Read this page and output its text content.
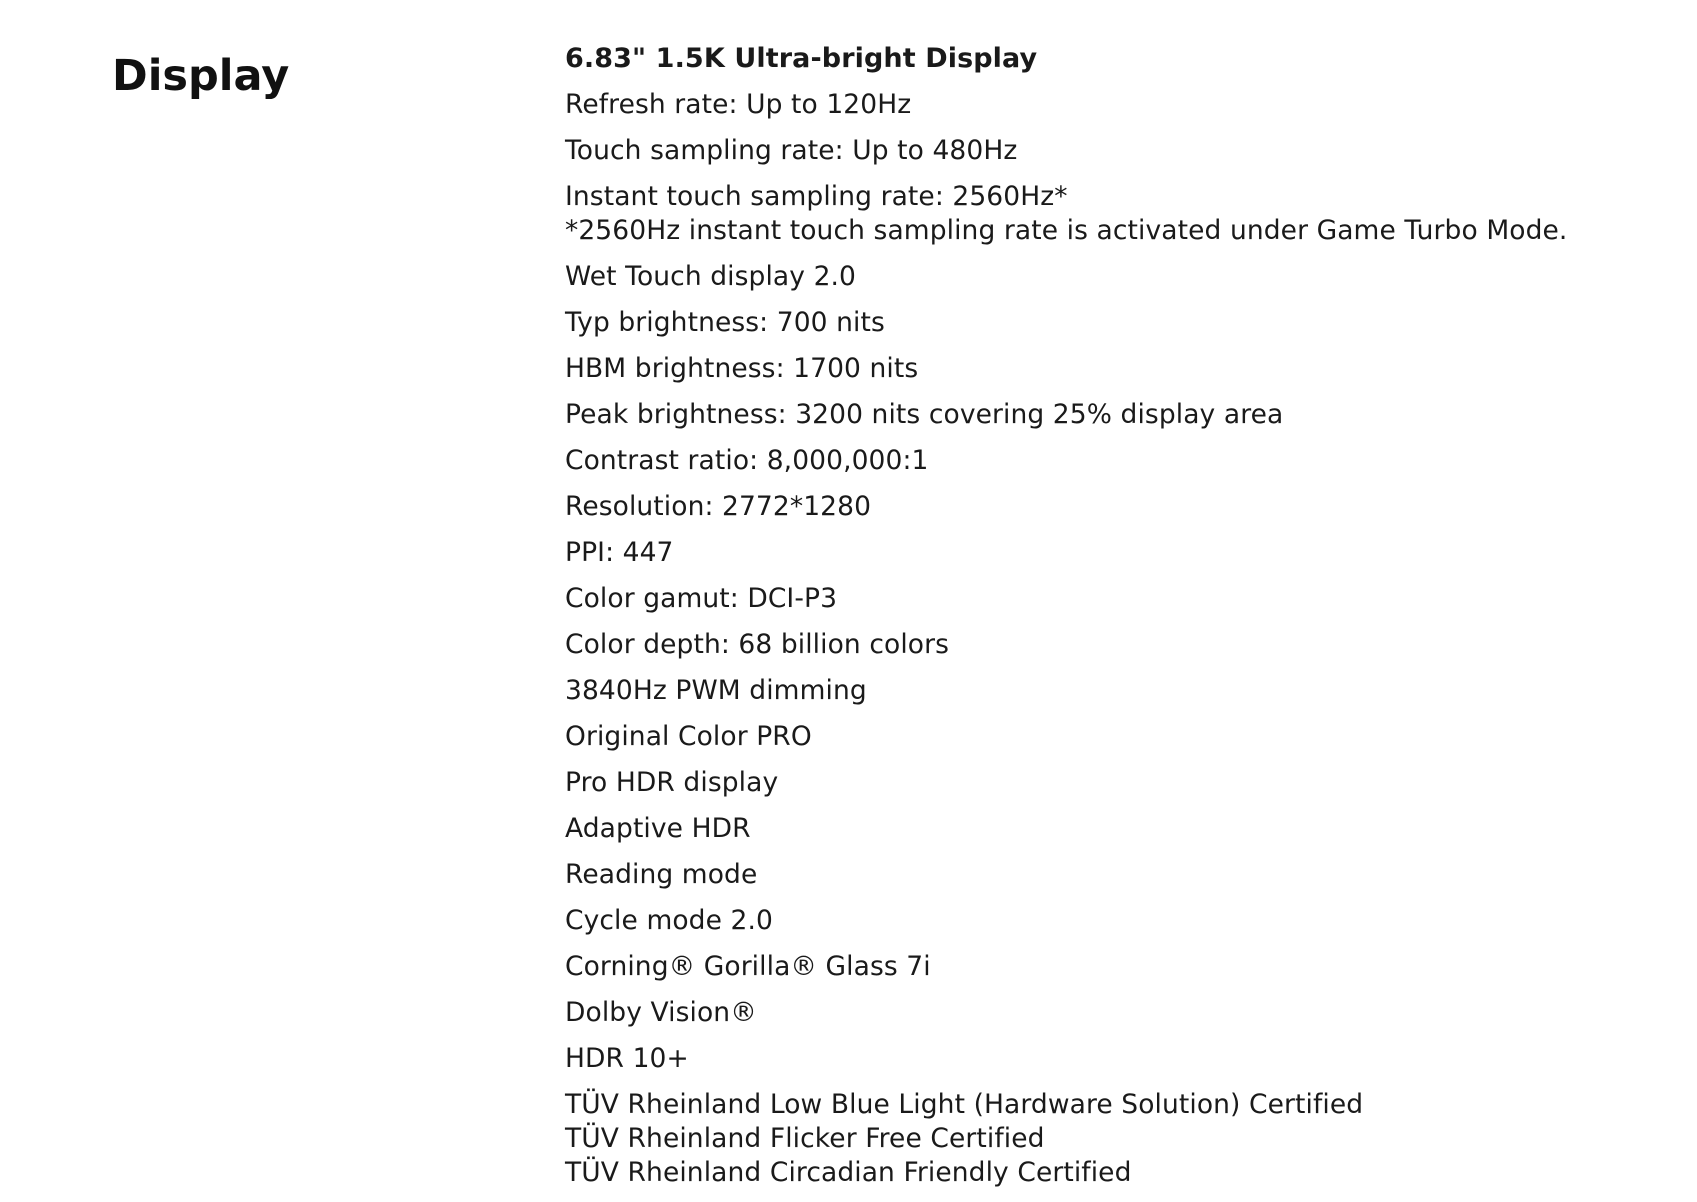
Display	6.83" 1.5K Ultra-bright Display
Refresh rate: Up to 120Hz
Touch sampling rate: Up to 480Hz
Instant touch sampling rate: 2560Hz*
*2560Hz instant touch sampling rate is activated under Game Turbo Mode.
Wet Touch display 2.0
Typ brightness: 700 nits
HBM brightness: 1700 nits
Peak brightness: 3200 nits covering 25% display area
Contrast ratio: 8,000,000:1
Resolution: 2772*1280
PPI: 447
Color gamut: DCI-P3
Color depth: 68 billion colors
3840Hz PWM dimming
Original Color PRO
Pro HDR display
Adaptive HDR
Reading mode
Cycle mode 2.0
Corning® Gorilla® Glass 7i
Dolby Vision®
HDR 10+
TÜV Rheinland Low Blue Light (Hardware Solution) Certified
TÜV Rheinland Flicker Free Certified
TÜV Rheinland Circadian Friendly Certified
